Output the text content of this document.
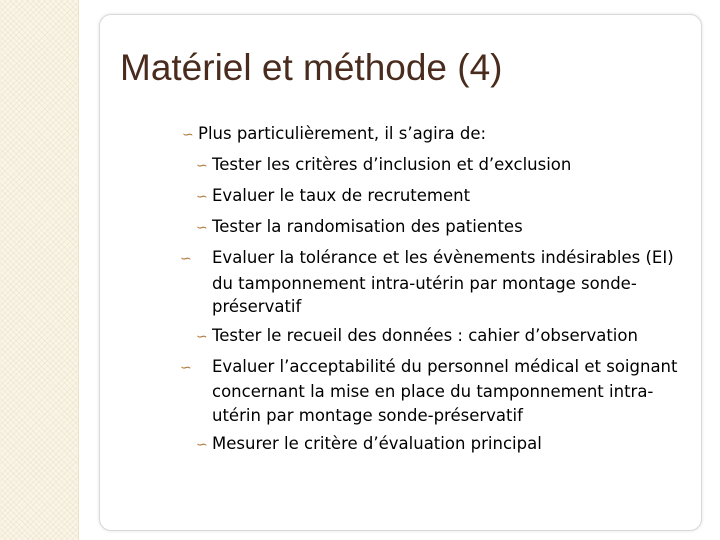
Matériel et méthode (4)
∽ Plus particulièrement, il s’agira de:
∽ Tester les critères d’inclusion et d’exclusion
∽ Evaluer le taux de recrutement
∽ Tester la randomisation des patientes
∽ Evaluer la tolérance et les évènements indésirables (EI) du tamponnement intra-utérin par montage sonde-préservatif
∽ Tester le recueil des données : cahier d’observation
∽ Evaluer l’acceptabilité du personnel médical et soignant concernant la mise en place du tamponnement intra-utérin par montage sonde-préservatif
∽ Mesurer le critère d’évaluation principal
